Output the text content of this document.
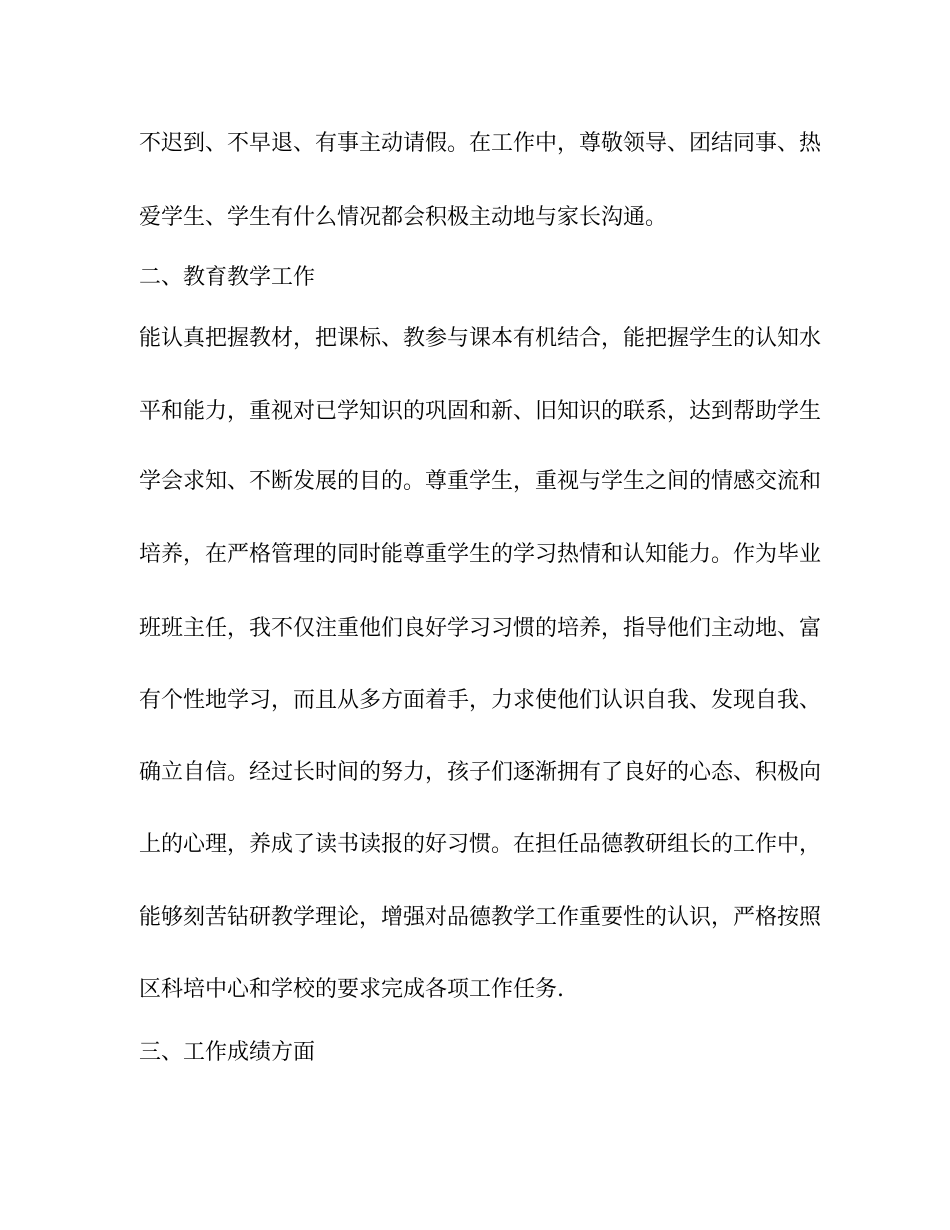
不迟到、不早退、有事主动请假。在工作中，尊敬领导、团结同事、热

爱学生、学生有什么情况都会积极主动地与家长沟通。

二、教育教学工作

能认真把握教材，把课标、教参与课本有机结合，能把握学生的认知水

平和能力，重视对已学知识的巩固和新、旧知识的联系，达到帮助学生

学会求知、不断发展的目的。尊重学生，重视与学生之间的情感交流和

培养，在严格管理的同时能尊重学生的学习热情和认知能力。作为毕业

班班主任，我不仅注重他们良好学习习惯的培养，指导他们主动地、富

有个性地学习，而且从多方面着手，力求使他们认识自我、发现自我、

确立自信。经过长时间的努力，孩子们逐渐拥有了良好的心态、积极向

上的心理，养成了读书读报的好习惯。在担任品德教研组长的工作中，

能够刻苦钻研教学理论，增强对品德教学工作重要性的认识，严格按照

区科培中心和学校的要求完成各项工作任务.

三、工作成绩方面
